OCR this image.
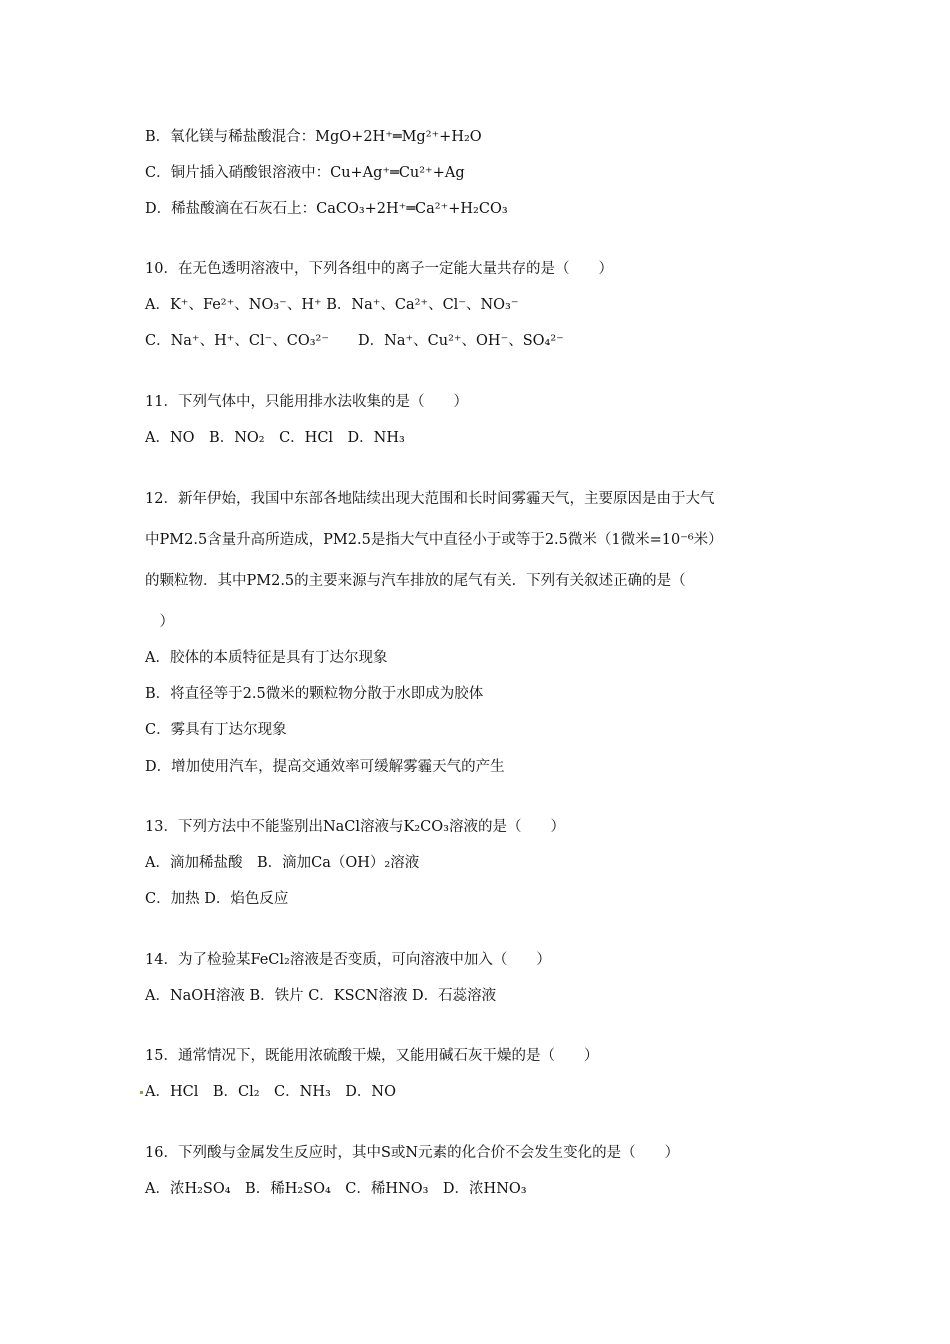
B．氧化镁与稀盐酸混合：MgO+2H⁺═Mg²⁺+H₂O
C．铜片插入硝酸银溶液中：Cu+Ag⁺═Cu²⁺+Ag
D．稀盐酸滴在石灰石上：CaCO₃+2H⁺═Ca²⁺+H₂CO₃
10．在无色透明溶液中，下列各组中的离子一定能大量共存的是（　　）
A．K⁺、Fe²⁺、NO₃⁻、H⁺ B．Na⁺、Ca²⁺、Cl⁻、NO₃⁻
C．Na⁺、H⁺、Cl⁻、CO₃²⁻　　D．Na⁺、Cu²⁺、OH⁻、SO₄²⁻
11．下列气体中，只能用排水法收集的是（　　）
A．NO　B．NO₂　C．HCl　D．NH₃
12．新年伊始，我国中东部各地陆续出现大范围和长时间雾霾天气，主要原因是由于大气
中PM2.5含量升高所造成，PM2.5是指大气中直径小于或等于2.5微米（1微米=10⁻⁶米）
的颗粒物．其中PM2.5的主要来源与汽车排放的尾气有关．下列有关叙述正确的是（
　）
A．胶体的本质特征是具有丁达尔现象
B．将直径等于2.5微米的颗粒物分散于水即成为胶体
C．雾具有丁达尔现象
D．增加使用汽车，提高交通效率可缓解雾霾天气的产生
13．下列方法中不能鉴别出NaCl溶液与K₂CO₃溶液的是（　　）
A．滴加稀盐酸　B．滴加Ca（OH）₂溶液
C．加热 D．焰色反应
14．为了检验某FeCl₂溶液是否变质，可向溶液中加入（　　）
A．NaOH溶液 B．铁片 C．KSCN溶液 D．石蕊溶液
15．通常情况下，既能用浓硫酸干燥，又能用碱石灰干燥的是（　　）
A．HCl　B．Cl₂　C．NH₃　D．NO
16．下列酸与金属发生反应时，其中S或N元素的化合价不会发生变化的是（　　）
A．浓H₂SO₄　B．稀H₂SO₄　C．稀HNO₃　D．浓HNO₃
